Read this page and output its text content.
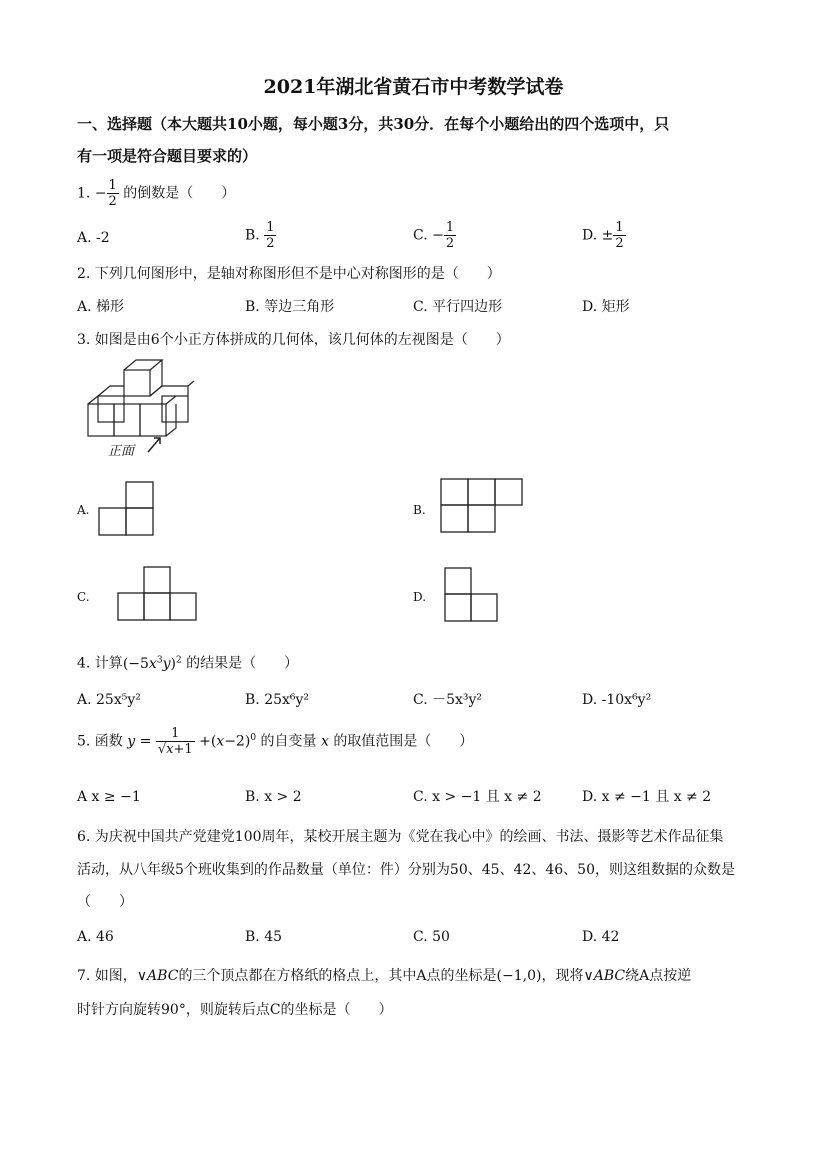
2021年湖北省黄石市中考数学试卷
一、选择题（本大题共10小题，每小题3分，共30分．在每个小题给出的四个选项中，只
有一项是符合题目要求的）
1. − $\frac{1}{2}$ 的倒数是（　　）
A. ‐2	B. $\frac{1}{2}$	C. − $\frac{1}{2}$	D. ± $\frac{1}{2}$
2. 下列几何图形中，是轴对称图形但不是中心对称图形的是（　　）
A. 梯形	B. 等边三角形	C. 平行四边形	D. 矩形
3. 如图是由6个小正方体拼成的几何体，该几何体的左视图是（　　）
正面
A.	B.
C.	D.
4. 计算$(-5x^3y)^2$ 的结果是（　　）
A. 25x⁵y²	B. 25x⁶y²	C. －5x³y²	D. ‐10x⁶y²
5. 函数 $y = \frac{1}{√x+1} +(x-2)^0$ 的自变量 x 的取值范围是（　　）
A x ≥ −1	B. x > 2	C. x > −1 且 x ≠ 2	D. x ≠ −1 且 x ≠ 2
6. 为庆祝中国共产党建党100周年，某校开展主题为《党在我心中》的绘画、书法、摄影等艺术作品征集
活动，从八年级5个班收集到的作品数量（单位：件）分别为50、45、42、46、50，则这组数据的众数是
（　　）
A. 46	B. 45	C. 50	D. 42
7. 如图，∨ABC的三个顶点都在方格纸的格点上，其中A点的坐标是(−1,0)，现将∨ABC绕A点按逆
时针方向旋转90°，则旋转后点C的坐标是（　　）
